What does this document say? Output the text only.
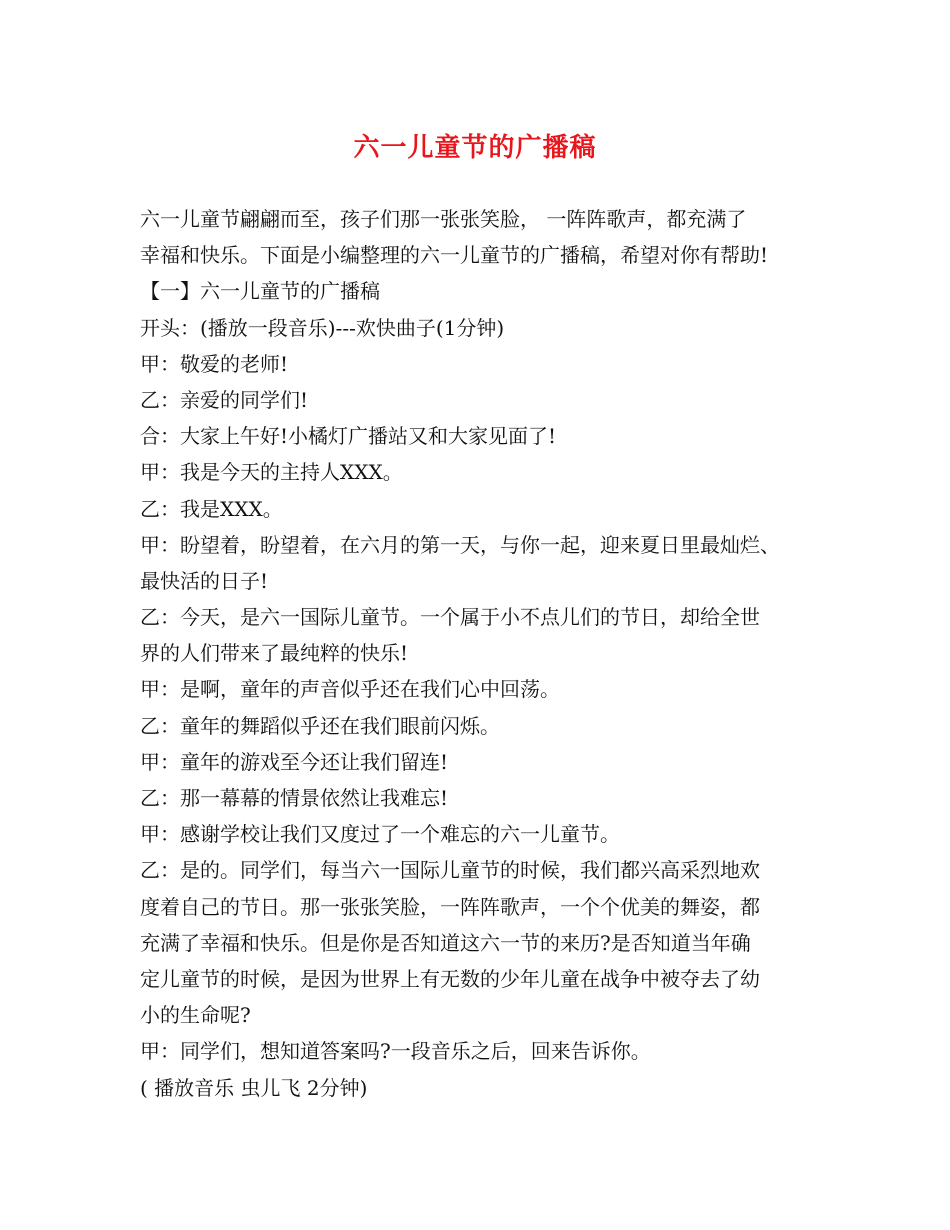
六一儿童节的广播稿
六一儿童节翩翩而至，孩子们那一张张笑脸， 一阵阵歌声，都充满了
幸福和快乐。下面是小编整理的六一儿童节的广播稿，希望对你有帮助!
【一】六一儿童节的广播稿
开头：(播放一段音乐)---欢快曲子(1分钟)
甲：敬爱的老师!
乙：亲爱的同学们!
合：大家上午好!小橘灯广播站又和大家见面了!
甲：我是今天的主持人XXX。
乙：我是XXX。
甲：盼望着，盼望着，在六月的第一天，与你一起，迎来夏日里最灿烂、
最快活的日子!
乙：今天，是六一国际儿童节。一个属于小不点儿们的节日，却给全世
界的人们带来了最纯粹的快乐!
甲：是啊，童年的声音似乎还在我们心中回荡。
乙：童年的舞蹈似乎还在我们眼前闪烁。
甲：童年的游戏至今还让我们留连!
乙：那一幕幕的情景依然让我难忘!
甲：感谢学校让我们又度过了一个难忘的六一儿童节。
乙：是的。同学们，每当六一国际儿童节的时候，我们都兴高采烈地欢
度着自己的节日。那一张张笑脸，一阵阵歌声，一个个优美的舞姿，都
充满了幸福和快乐。但是你是否知道这六一节的来历?是否知道当年确
定儿童节的时候，是因为世界上有无数的少年儿童在战争中被夺去了幼
小的生命呢?
甲：同学们，想知道答案吗?一段音乐之后，回来告诉你。
( 播放音乐 虫儿飞 2分钟)
